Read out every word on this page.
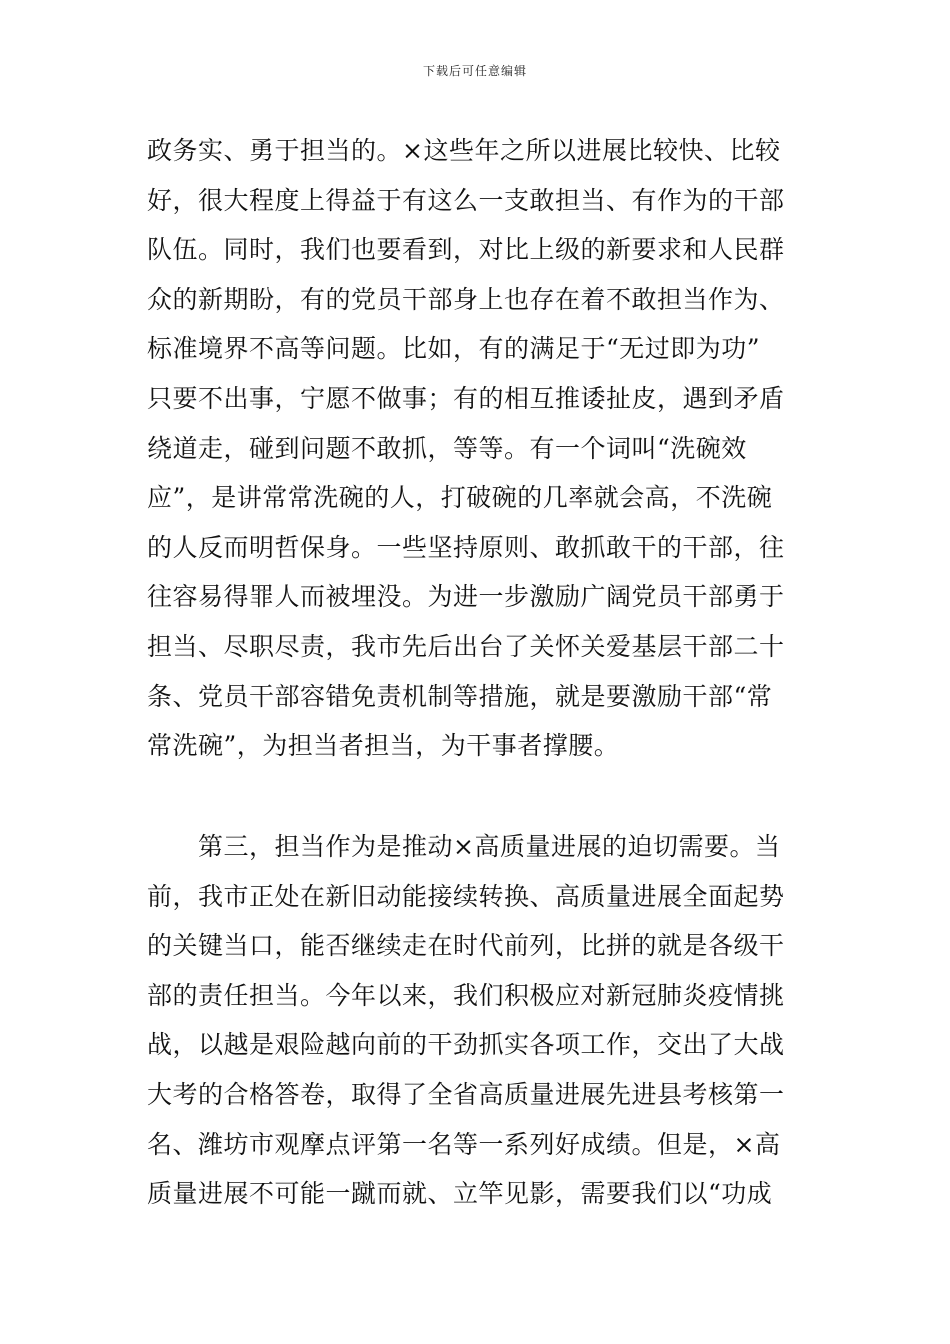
下载后可任意编辑
政务实、勇于担当的。×这些年之所以进展比较快、比较
好，很大程度上得益于有这么一支敢担当、有作为的干部
队伍。同时，我们也要看到，对比上级的新要求和人民群
众的新期盼，有的党员干部身上也存在着不敢担当作为、
标准境界不高等问题。比如，有的满足于“无过即为功”
只要不出事，宁愿不做事；有的相互推诿扯皮，遇到矛盾
绕道走，碰到问题不敢抓，等等。有一个词叫“洗碗效
应”，是讲常常洗碗的人，打破碗的几率就会高，不洗碗
的人反而明哲保身。一些坚持原则、敢抓敢干的干部，往
往容易得罪人而被埋没。为进一步激励广阔党员干部勇于
担当、尽职尽责，我市先后出台了关怀关爱基层干部二十
条、党员干部容错免责机制等措施，就是要激励干部“常
常洗碗”，为担当者担当，为干事者撑腰。
　　第三，担当作为是推动×高质量进展的迫切需要。当
前，我市正处在新旧动能接续转换、高质量进展全面起势
的关键当口，能否继续走在时代前列，比拼的就是各级干
部的责任担当。今年以来，我们积极应对新冠肺炎疫情挑
战，以越是艰险越向前的干劲抓实各项工作，交出了大战
大考的合格答卷，取得了全省高质量进展先进县考核第一
名、潍坊市观摩点评第一名等一系列好成绩。但是，×高
质量进展不可能一蹴而就、立竿见影，需要我们以“功成
